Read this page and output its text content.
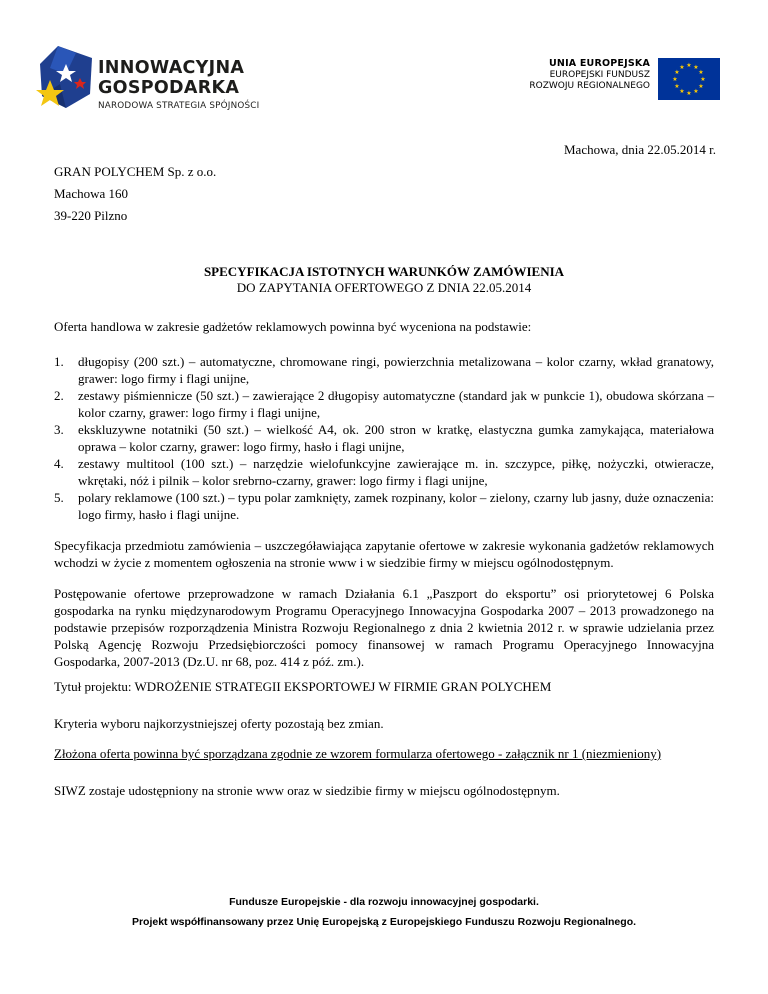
INNOWACYJNA
GOSPODARKA
NARODOWA STRATEGIA SPÓJNOŚCI
UNIA EUROPEJSKA
EUROPEJSKI FUNDUSZ
ROZWOJU REGIONALNEGO
★ ★
★
★
★
★
★
★
★
★
★
★
Machowa, dnia 22.05.2014 r.
GRAN POLYCHEM Sp. z o.o.
Machowa 160
39-220 Pilzno
SPECYFIKACJA ISTOTNYCH WARUNKÓW ZAMÓWIENIA
DO ZAPYTANIA OFERTOWEGO Z DNIA 22.05.2014
Oferta handlowa w zakresie gadżetów reklamowych powinna być wyceniona na podstawie:
1. długopisy (200 szt.) – automatyczne, chromowane ringi, powierzchnia metalizowana – kolor czarny, wkład granatowy, grawer: logo firmy i flagi unijne,
2. zestawy piśmiennicze (50 szt.) – zawierające 2 długopisy automatyczne (standard jak w punkcie 1), obudowa skórzana – kolor czarny, grawer: logo firmy i flagi unijne,
3. ekskluzywne notatniki (50 szt.) – wielkość A4, ok. 200 stron w kratkę, elastyczna gumka zamykająca, materiałowa oprawa – kolor czarny, grawer: logo firmy, hasło i flagi unijne,
4. zestawy multitool (100 szt.) – narzędzie wielofunkcyjne zawierające m. in. szczypce, piłkę, nożyczki, otwieracze, wkrętaki, nóż i pilnik – kolor srebrno-czarny, grawer: logo firmy i flagi unijne,
5. polary reklamowe (100 szt.) – typu polar zamknięty, zamek rozpinany, kolor – zielony, czarny lub jasny, duże oznaczenia: logo firmy, hasło i flagi unijne.
Specyfikacja przedmiotu zamówienia – uszczegóławiająca zapytanie ofertowe w zakresie wykonania gadżetów reklamowych wchodzi w życie z momentem ogłoszenia na stronie www i w siedzibie firmy w miejscu ogólnodostępnym.
Postępowanie ofertowe przeprowadzone w ramach Działania 6.1 „Paszport do eksportu” osi priorytetowej 6 Polska gospodarka na rynku międzynarodowym Programu Operacyjnego Innowacyjna Gospodarka 2007 – 2013 prowadzonego na podstawie przepisów rozporządzenia Ministra Rozwoju Regionalnego z dnia 2 kwietnia 2012 r. w sprawie udzielania przez Polską Agencję Rozwoju Przedsiębiorczości pomocy finansowej w ramach Programu Operacyjnego Innowacyjna Gospodarka, 2007-2013 (Dz.U. nr 68, poz. 414 z póź. zm.).
Tytuł projektu: WDROŻENIE STRATEGII EKSPORTOWEJ W FIRMIE GRAN POLYCHEM
Kryteria wyboru najkorzystniejszej oferty pozostają bez zmian.
Złożona oferta powinna być sporządzana zgodnie ze wzorem formularza ofertowego - załącznik nr 1 (niezmieniony)
SIWZ zostaje udostępniony na stronie www oraz w siedzibie firmy w miejscu ogólnodostępnym.
Fundusze Europejskie - dla rozwoju innowacyjnej gospodarki.
Projekt współfinansowany przez Unię Europejską z Europejskiego Funduszu Rozwoju Regionalnego.
